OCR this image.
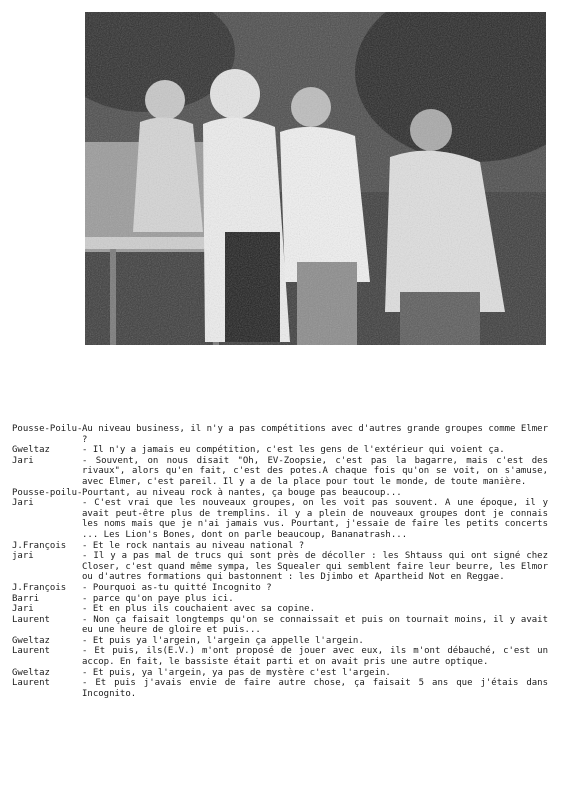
Pousse-Poilu- Au niveau business, il n'y a pas compétitions avec d'autres grande groupes comme Elmer ?
Gweltaz	- Il n'y a jamais eu compétition, c'est les gens de l'extérieur qui voient ça.
Jari	- Souvent, on nous disait "Oh, EV-Zoopsie, c'est pas la bagarre, mais c'est des rivaux", alors qu'en fait, c'est des potes.A chaque fois qu'on se voit, on s'amuse, avec Elmer, c'est pareil. Il y a de la place pour tout le monde, de toute manière.
Pousse-poilu- Pourtant, au niveau rock à nantes, ça bouge pas beaucoup...
Jari	- C'est vrai que les nouveaux groupes, on les voit pas souvent. A une époque, il y avait peut-être plus de tremplins. il y a plein de nouveaux groupes dont je connais les noms mais que je n'ai jamais vus. Pourtant, j'essaie de faire les petits concerts ... Les Lion's Bones, dont on parle beaucoup, Bananatrash...
J.François	- Et le rock nantais au niveau national ?
jari	- Il y a pas mal de trucs qui sont près de décoller : les Shtauss qui ont signé chez Closer, c'est quand même sympa, les Squealer qui semblent faire leur beurre, les Elmor ou d'autres formations qui bastonnent : les Djimbo et Apartheid Not en Reggae.
J.François	- Pourquoi as-tu quitté Incognito ?
Barri	- parce qu'on paye plus ici.
Jari	- Et en plus ils couchaient avec sa copine.
Laurent	- Non ça faisait longtemps qu'on se connaissait et puis on tournait moins, il y avait eu une heure de gloire et puis...
Gweltaz	- Et puis ya l'argein, l'argein ça appelle l'argein.
Laurent	- Et puis, ils(E.V.) m'ont proposé de jouer avec eux, ils m'ont débauché, c'est un accop. En fait, le bassiste était parti et on avait pris une autre optique.
Gweltaz	- Et puis, ya l'argein, ya pas de mystère c'est l'argein.
Laurent	- Et puis j'avais envie de faire autre chose, ça faisait 5 ans que j'étais dans Incognito.
